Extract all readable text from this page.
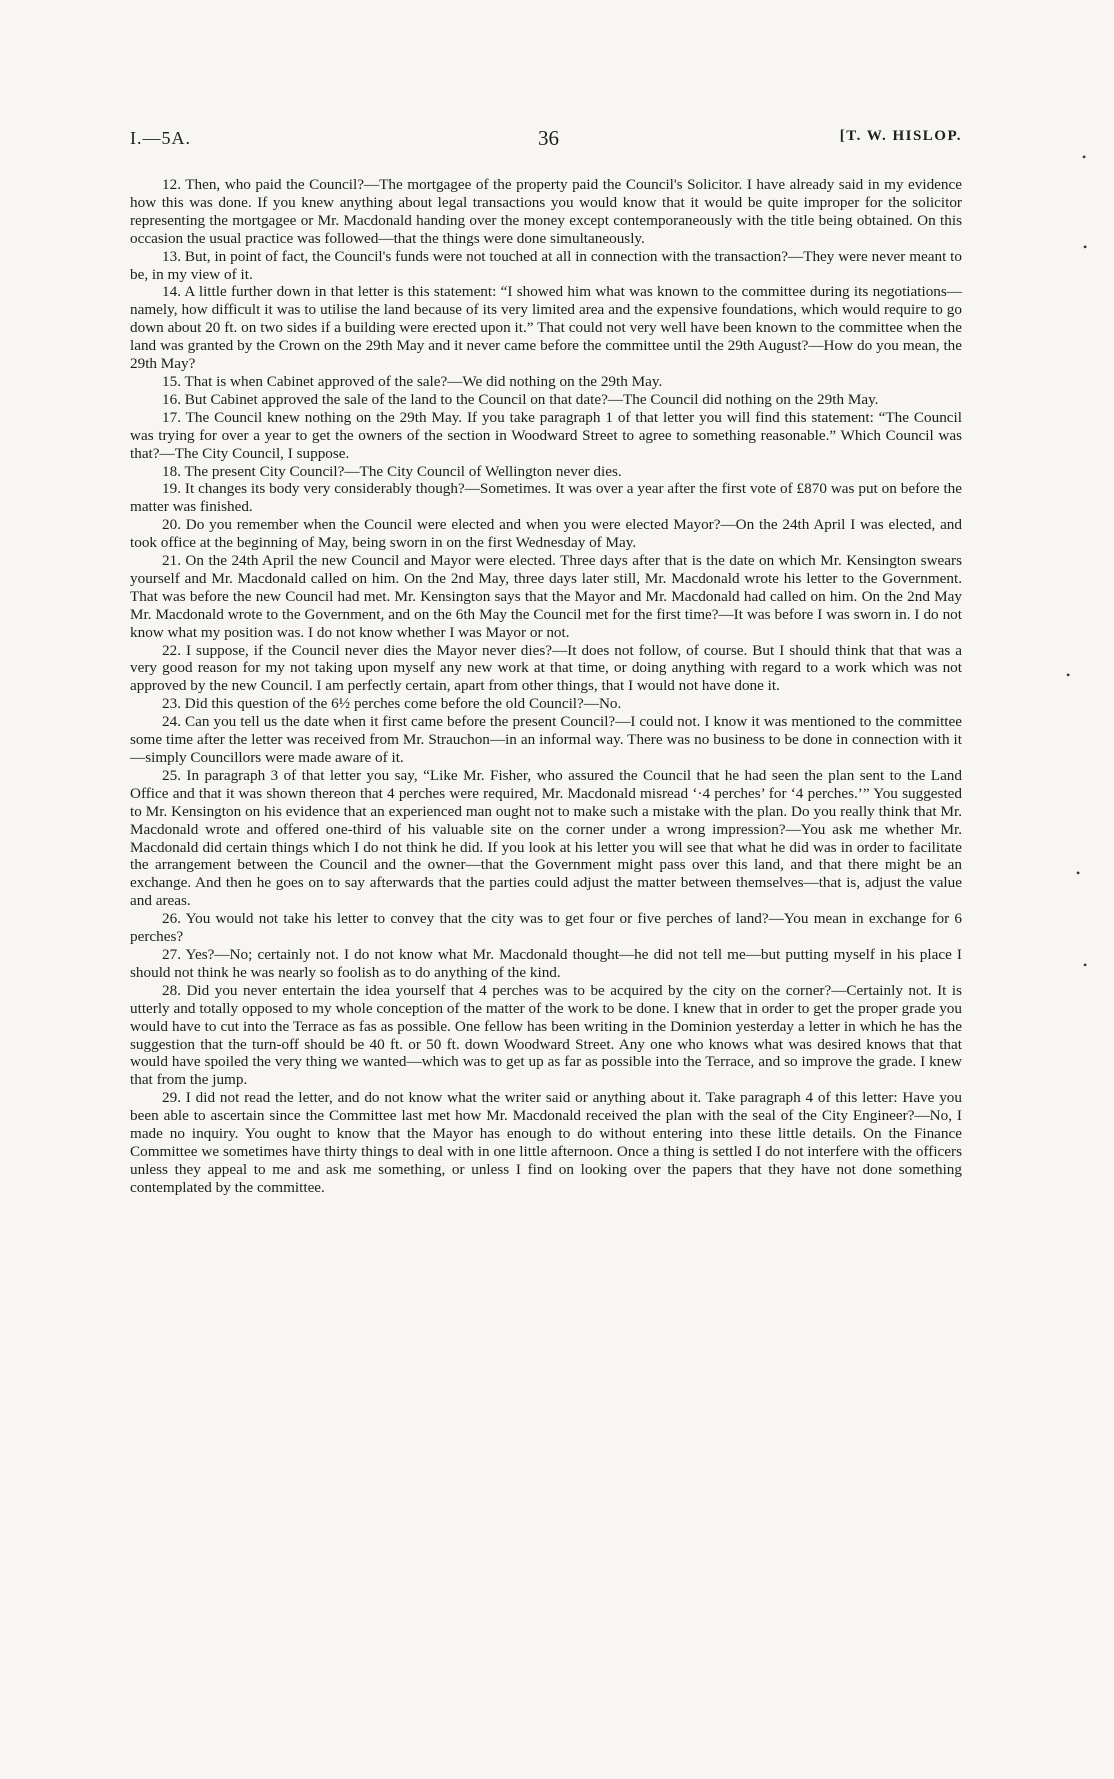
I.—5A.	36	[T. W. HISLOP.

12. Then, who paid the Council?—The mortgagee of the property paid the Council's Solicitor. I have already said in my evidence how this was done. If you knew anything about legal transactions you would know that it would be quite improper for the solicitor representing the mortgagee or Mr. Macdonald handing over the money except contemporaneously with the title being obtained. On this occasion the usual practice was followed—that the things were done simultaneously.

13. But, in point of fact, the Council's funds were not touched at all in connection with the transaction?—They were never meant to be, in my view of it.

14. A little further down in that letter is this statement: “I showed him what was known to the committee during its negotiations—namely, how difficult it was to utilise the land because of its very limited area and the expensive foundations, which would require to go down about 20 ft. on two sides if a building were erected upon it.” That could not very well have been known to the committee when the land was granted by the Crown on the 29th May and it never came before the committee until the 29th August?—How do you mean, the 29th May?

15. That is when Cabinet approved of the sale?—We did nothing on the 29th May.

16. But Cabinet approved the sale of the land to the Council on that date?—The Council did nothing on the 29th May.

17. The Council knew nothing on the 29th May. If you take paragraph 1 of that letter you will find this statement: “The Council was trying for over a year to get the owners of the section in Woodward Street to agree to something reasonable.” Which Council was that?—The City Council, I suppose.

18. The present City Council?—The City Council of Wellington never dies.

19. It changes its body very considerably though?—Sometimes. It was over a year after the first vote of £870 was put on before the matter was finished.

20. Do you remember when the Council were elected and when you were elected Mayor?—On the 24th April I was elected, and took office at the beginning of May, being sworn in on the first Wednesday of May.

21. On the 24th April the new Council and Mayor were elected. Three days after that is the date on which Mr. Kensington swears yourself and Mr. Macdonald called on him. On the 2nd May, three days later still, Mr. Macdonald wrote his letter to the Government. That was before the new Council had met. Mr. Kensington says that the Mayor and Mr. Macdonald had called on him. On the 2nd May Mr. Macdonald wrote to the Government, and on the 6th May the Council met for the first time?—It was before I was sworn in. I do not know what my position was. I do not know whether I was Mayor or not.

22. I suppose, if the Council never dies the Mayor never dies?—It does not follow, of course. But I should think that that was a very good reason for my not taking upon myself any new work at that time, or doing anything with regard to a work which was not approved by the new Council. I am perfectly certain, apart from other things, that I would not have done it.

23. Did this question of the 6½ perches come before the old Council?—No.

24. Can you tell us the date when it first came before the present Council?—I could not. I know it was mentioned to the committee some time after the letter was received from Mr. Strauchon—in an informal way. There was no business to be done in connection with it—simply Councillors were made aware of it.

25. In paragraph 3 of that letter you say, “Like Mr. Fisher, who assured the Council that he had seen the plan sent to the Land Office and that it was shown thereon that 4 perches were required, Mr. Macdonald misread ‘·4 perches’ for ‘4 perches.’” You suggested to Mr. Kensington on his evidence that an experienced man ought not to make such a mistake with the plan. Do you really think that Mr. Macdonald wrote and offered one-third of his valuable site on the corner under a wrong impression?—You ask me whether Mr. Macdonald did certain things which I do not think he did. If you look at his letter you will see that what he did was in order to facilitate the arrangement between the Council and the owner—that the Government might pass over this land, and that there might be an exchange. And then he goes on to say afterwards that the parties could adjust the matter between themselves—that is, adjust the value and areas.

26. You would not take his letter to convey that the city was to get four or five perches of land?—You mean in exchange for 6 perches?

27. Yes?—No; certainly not. I do not know what Mr. Macdonald thought—he did not tell me—but putting myself in his place I should not think he was nearly so foolish as to do anything of the kind.

28. Did you never entertain the idea yourself that 4 perches was to be acquired by the city on the corner?—Certainly not. It is utterly and totally opposed to my whole conception of the matter of the work to be done. I knew that in order to get the proper grade you would have to cut into the Terrace as fas as possible. One fellow has been writing in the Dominion yesterday a letter in which he has the suggestion that the turn-off should be 40 ft. or 50 ft. down Woodward Street. Any one who knows what was desired knows that that would have spoiled the very thing we wanted—which was to get up as far as possible into the Terrace, and so improve the grade. I knew that from the jump.

29. I did not read the letter, and do not know what the writer said or anything about it. Take paragraph 4 of this letter: Have you been able to ascertain since the Committee last met how Mr. Macdonald received the plan with the seal of the City Engineer?—No, I made no inquiry. You ought to know that the Mayor has enough to do without entering into these little details. On the Finance Committee we sometimes have thirty things to deal with in one little afternoon. Once a thing is settled I do not interfere with the officers unless they appeal to me and ask me something, or unless I find on looking over the papers that they have not done something contemplated by the committee.

•
•
•
•
•
